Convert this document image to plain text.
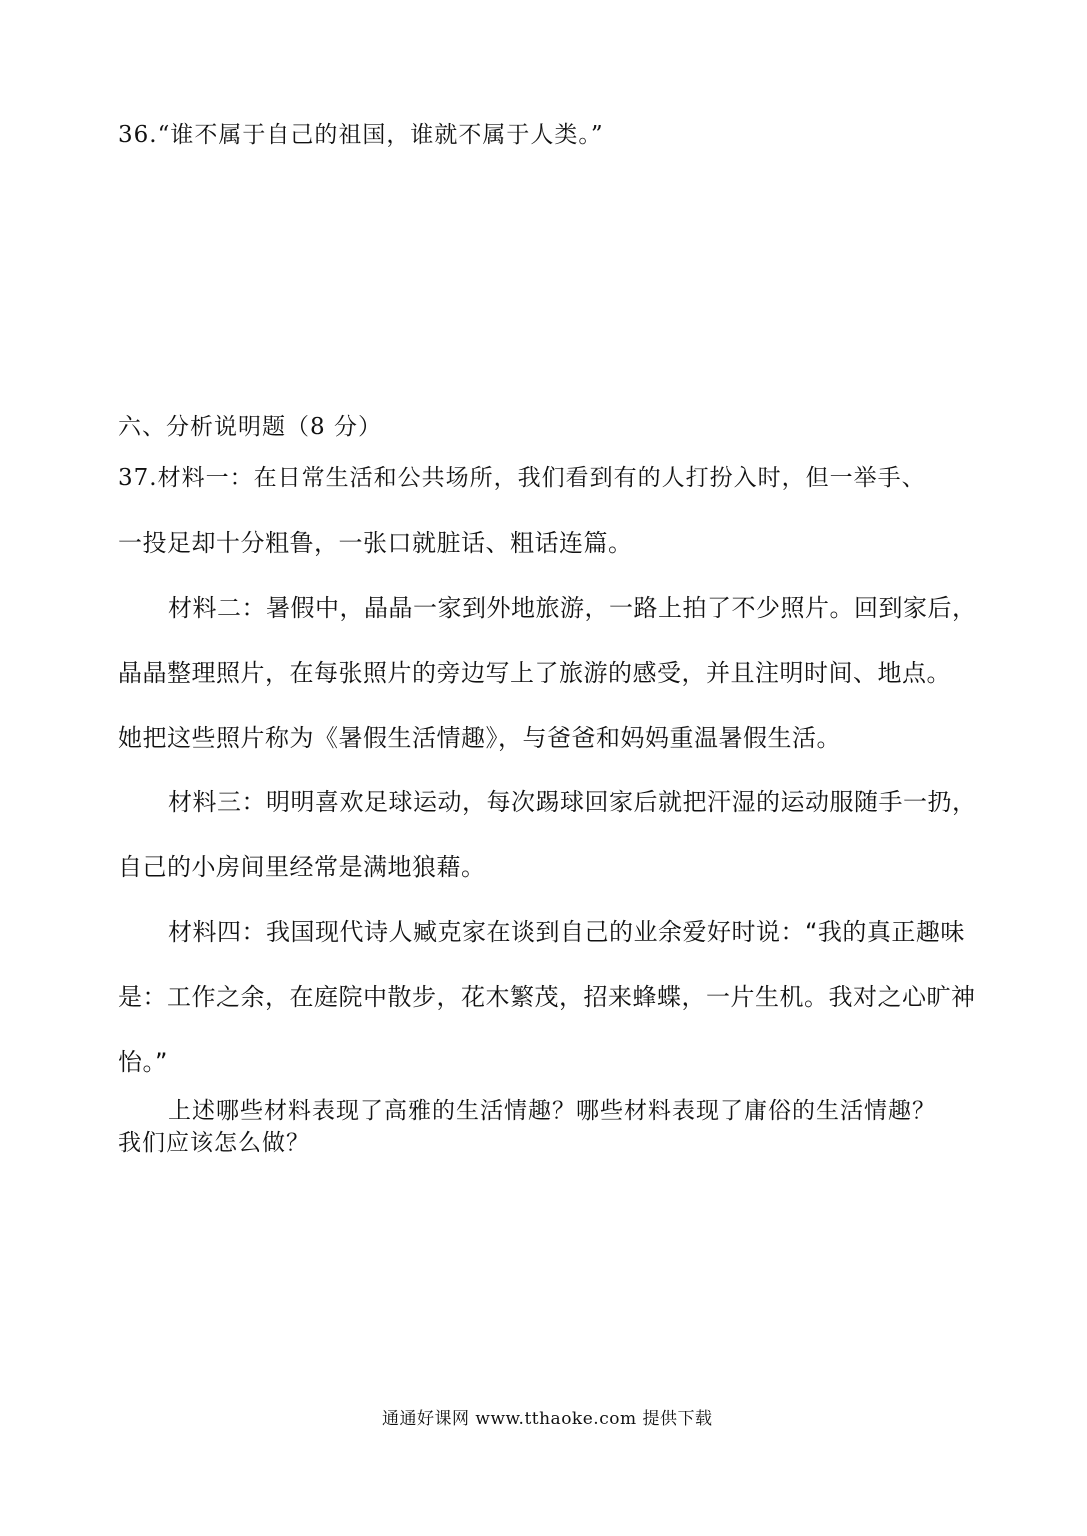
36.“谁不属于自己的祖国，谁就不属于人类。”

六、分析说明题（8 分）

37.材料一：在日常生活和公共场所，我们看到有的人打扮入时，但一举手、

一投足却十分粗鲁，一张口就脏话、粗话连篇。

材料二：暑假中，晶晶一家到外地旅游，一路上拍了不少照片。回到家后，

晶晶整理照片，在每张照片的旁边写上了旅游的感受，并且注明时间、地点。

她把这些照片称为《暑假生活情趣》，与爸爸和妈妈重温暑假生活。

材料三：明明喜欢足球运动，每次踢球回家后就把汗湿的运动服随手一扔，

自己的小房间里经常是满地狼藉。

材料四：我国现代诗人臧克家在谈到自己的业余爱好时说：“我的真正趣味

是：工作之余，在庭院中散步，花木繁茂，招来蜂蝶，一片生机。我对之心旷神

怡。”

上述哪些材料表现了高雅的生活情趣？哪些材料表现了庸俗的生活情趣？

我们应该怎么做？

通通好课网 www.tthaoke.com 提供下载
